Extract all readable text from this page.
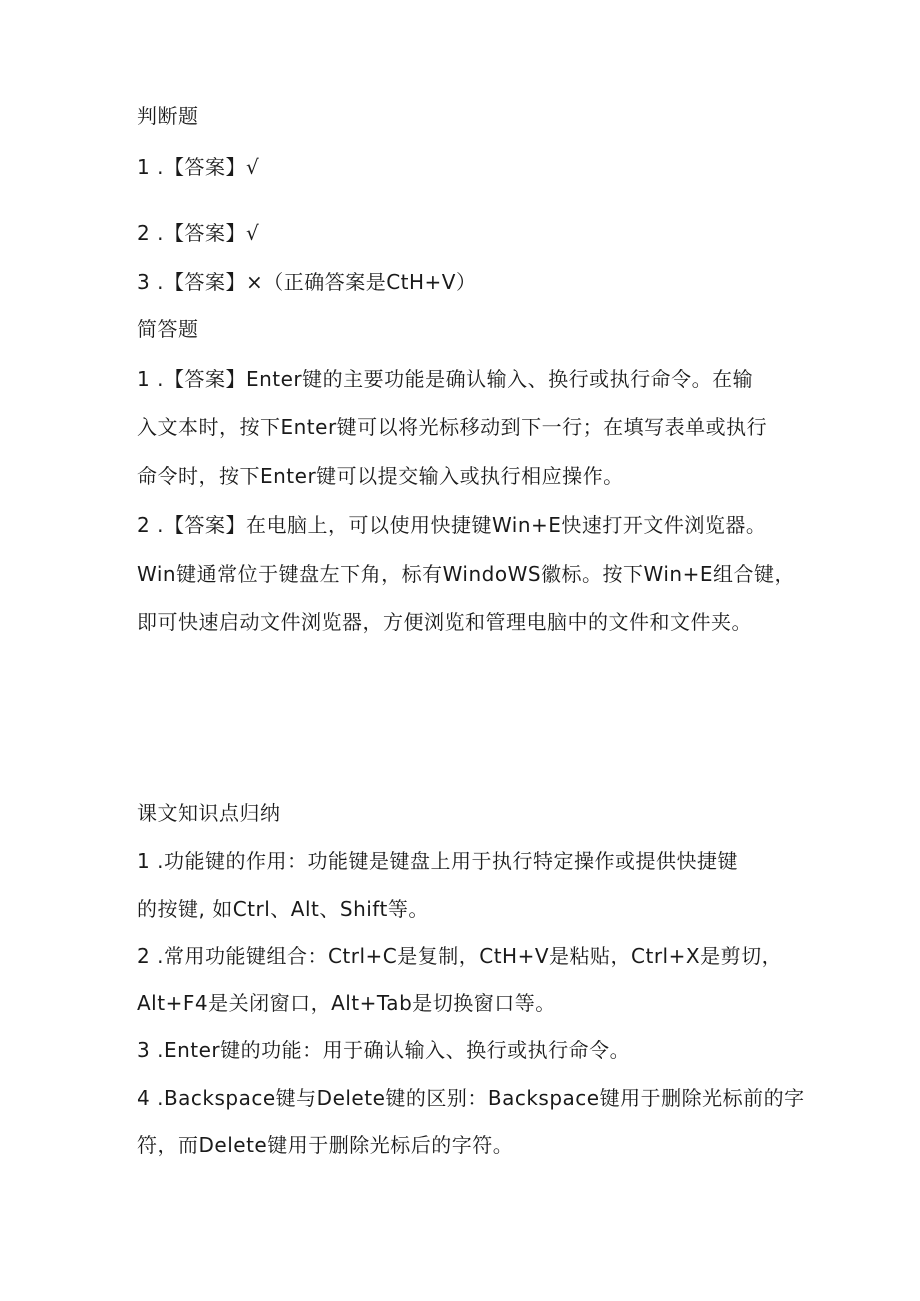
判断题
1 .【答案】√
2 .【答案】√
3 .【答案】×（正确答案是CtH+V）
简答题
1 .【答案】Enter键的主要功能是确认输入、换行或执行命令。在输
入文本时，按下Enter键可以将光标移动到下一行；在填写表单或执行
命令时，按下Enter键可以提交输入或执行相应操作。
2 .【答案】在电脑上，可以使用快捷键Win+E快速打开文件浏览器。
Win键通常位于键盘左下角，标有WindoWS徽标。按下Win+E组合键，
即可快速启动文件浏览器，方便浏览和管理电脑中的文件和文件夹。
课文知识点归纳
1 .功能键的作用：功能键是键盘上用于执行特定操作或提供快捷键
的按键, 如Ctrl、Alt、Shift等。
2 .常用功能键组合：Ctrl+C是复制，CtH+V是粘贴，Ctrl+X是剪切，
Alt+F4是关闭窗口，Alt+Tab是切换窗口等。
3 .Enter键的功能：用于确认输入、换行或执行命令。
4 .Backspace键与Delete键的区别：Backspace键用于删除光标前的字
符，而Delete键用于删除光标后的字符。
